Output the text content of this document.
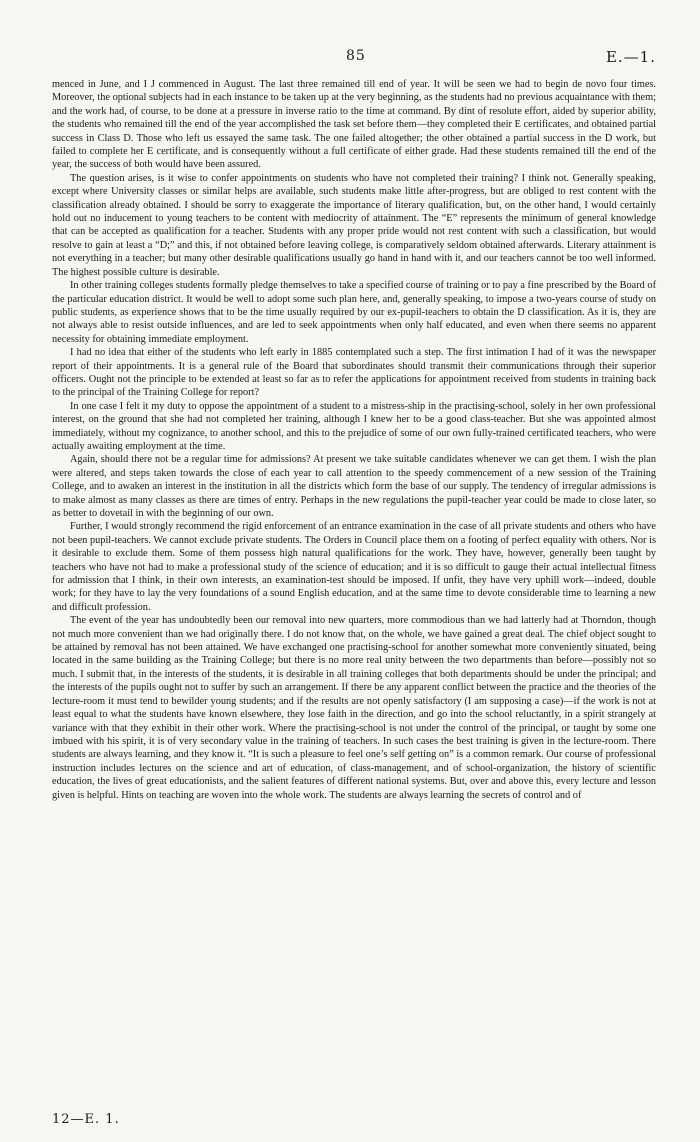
85	E.—1.

menced in June, and I J commenced in August. The last three remained till end of year. It will be seen we had to begin de novo four times. Moreover, the optional subjects had in each instance to be taken up at the very beginning, as the students had no previous acquaintance with them; and the work had, of course, to be done at a pressure in inverse ratio to the time at command. By dint of resolute effort, aided by superior ability, the students who remained till the end of the year accomplished the task set before them—they completed their E certificates, and obtained partial success in Class D. Those who left us essayed the same task. The one failed altogether; the other obtained a partial success in the D work, but failed to complete her E certificate, and is consequently without a full certificate of either grade. Had these students remained till the end of the year, the success of both would have been assured.

The question arises, is it wise to confer appointments on students who have not completed their training? I think not. Generally speaking, except where University classes or similar helps are available, such students make little after-progress, but are obliged to rest content with the classification already obtained. I should be sorry to exaggerate the importance of literary qualification, but, on the other hand, I would certainly hold out no inducement to young teachers to be content with mediocrity of attainment. The “E” represents the minimum of general knowledge that can be accepted as qualification for a teacher. Students with any proper pride would not rest content with such a classification, but would resolve to gain at least a “D;” and this, if not obtained before leaving college, is comparatively seldom obtained afterwards. Literary attainment is not everything in a teacher; but many other desirable qualifications usually go hand in hand with it, and our teachers cannot be too well informed. The highest possible culture is desirable.

In other training colleges students formally pledge themselves to take a specified course of training or to pay a fine prescribed by the Board of the particular education district. It would be well to adopt some such plan here, and, generally speaking, to impose a two-years course of study on public students, as experience shows that to be the time usually required by our ex-pupil-teachers to obtain the D classification. As it is, they are not always able to resist outside influences, and are led to seek appointments when only half educated, and even when there seems no apparent necessity for obtaining immediate employment.

I had no idea that either of the students who left early in 1885 contemplated such a step. The first intimation I had of it was the newspaper report of their appointments. It is a general rule of the Board that subordinates should transmit their communications through their superior officers. Ought not the principle to be extended at least so far as to refer the applications for appointment received from students in training back to the principal of the Training College for report?

In one case I felt it my duty to oppose the appointment of a student to a mistress-ship in the practising-school, solely in her own professional interest, on the ground that she had not completed her training, although I knew her to be a good class-teacher. But she was appointed almost immediately, without my cognizance, to another school, and this to the prejudice of some of our own fully-trained certificated teachers, who were actually awaiting employment at the time.

Again, should there not be a regular time for admissions? At present we take suitable candidates whenever we can get them. I wish the plan were altered, and steps taken towards the close of each year to call attention to the speedy commencement of a new session of the Training College, and to awaken an interest in the institution in all the districts which form the base of our supply. The tendency of irregular admissions is to make almost as many classes as there are times of entry. Perhaps in the new regulations the pupil-teacher year could be made to close later, so as better to dovetail in with the beginning of our own.

Further, I would strongly recommend the rigid enforcement of an entrance examination in the case of all private students and others who have not been pupil-teachers. We cannot exclude private students. The Orders in Council place them on a footing of perfect equality with others. Nor is it desirable to exclude them. Some of them possess high natural qualifications for the work. They have, however, generally been taught by teachers who have not had to make a professional study of the science of education; and it is so difficult to gauge their actual intellectual fitness for admission that I think, in their own interests, an examination-test should be imposed. If unfit, they have very uphill work—indeed, double work; for they have to lay the very foundations of a sound English education, and at the same time to devote considerable time to learning a new and difficult profession.

The event of the year has undoubtedly been our removal into new quarters, more commodious than we had latterly had at Thorndon, though not much more convenient than we had originally there. I do not know that, on the whole, we have gained a great deal. The chief object sought to be attained by removal has not been attained. We have exchanged one practising-school for another somewhat more conveniently situated, being located in the same building as the Training College; but there is no more real unity between the two departments than before—possibly not so much. I submit that, in the interests of the students, it is desirable in all training colleges that both departments should be under the principal; and the interests of the pupils ought not to suffer by such an arrangement. If there be any apparent conflict between the practice and the theories of the lecture-room it must tend to bewilder young students; and if the results are not openly satisfactory (I am supposing a case)—if the work is not at least equal to what the students have known elsewhere, they lose faith in the direction, and go into the school reluctantly, in a spirit strangely at variance with that they exhibit in their other work. Where the practising-school is not under the control of the principal, or taught by some one imbued with his spirit, it is of very secondary value in the training of teachers. In such cases the best training is given in the lecture-room. There students are always learning, and they know it. “It is such a pleasure to feel one’s self getting on” is a common remark. Our course of professional instruction includes lectures on the science and art of education, of class-management, and of school-organization, the history of scientific education, the lives of great educationists, and the salient features of different national systems. But, over and above this, every lecture and lesson given is helpful. Hints on teaching are woven into the whole work. The students are always learning the secrets of control and of

12—E. 1.
